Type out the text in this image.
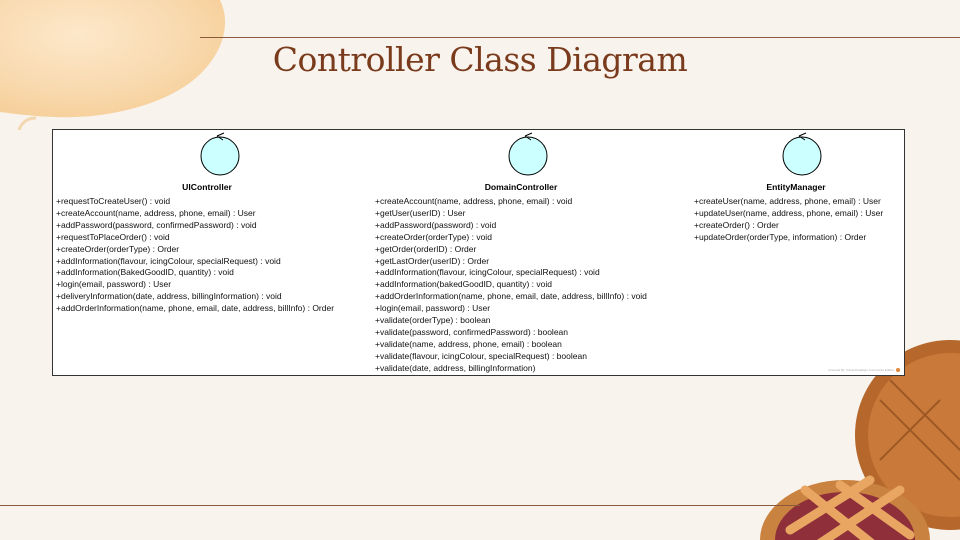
Controller Class Diagram
UIController
+requestToCreateUser() : void
+createAccount(name, address, phone, email) : User
+addPassword(password, confirmedPassword) : void
+requestToPlaceOrder() : void
+createOrder(orderType) : Order
+addInformation(flavour, icingColour, specialRequest) : void
+addInformation(BakedGoodID, quantity) : void
+login(email, password) : User
+deliveryInformation(date, address, billingInformation) : void
+addOrderInformation(name, phone, email, date, address, billInfo) : Order
DomainController
+createAccount(name, address, phone, email) : void
+getUser(userID) : User
+addPassword(password) : void
+createOrder(orderType) : void
+getOrder(orderID) : Order
+getLastOrder(userID) : Order
+addInformation(flavour, icingColour, specialRequest) : void
+addInformation(bakedGoodID, quantity) : void
+addOrderInformation(name, phone, email, date, address, billInfo) : void
+login(email, password) : User
+validate(orderType) : boolean
+validate(password, confirmedPassword) : boolean
+validate(name, address, phone, email) : boolean
+validate(flavour, icingColour, specialRequest) : boolean
+validate(date, address, billingInformation)
EntityManager
+createUser(name, address, phone, email) : User
+updateUser(name, address, phone, email) : User
+createOrder() : Order
+updateOrder(orderType, information) : Order
Powered By: Visual Paradigm Community Edition
